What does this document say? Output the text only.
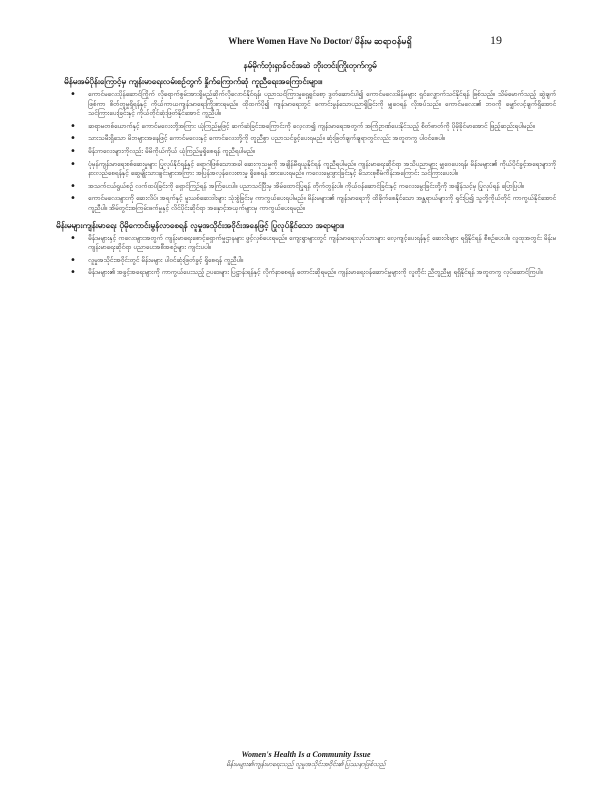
Where Women Have No Doctor/ မိန်းမ ဆရာဝန်မရှိ	19
နမ်မိုက်ဘုံးရှာခ်ငင်အဆဲ ဘိုးတင်းကြိုးတုက်ကွမ်
မိန်မအမ်ပိုန်းကြောင့်မှ ကျန်းမာရေးလမ်းစဉ်တွက် နှိုက်ကြောက်ဆုံ ကူညီရေးအကြောင်းများ။
• ကောင်မလေးပိုန်ဆောင်ကြိုက် လိုရောက်စွမ်းအားရှိမည်ဆိုက်လိုလောင်နိုင်ရန်၊ ပညာသင်ကြားမှုရှေ့ရှင်စော့ ဒွတ်ဆောင်ပါ၍ ကောင်မလေးမိန်မများ ရှင်လျှောက်သင်နိုင်ရန် ဖြစ်သည်။ သိမ်မောက်သည့် ဆွဲချက်ဖြစ်ကာ စိတ်တူမှုရှိရန်နှင့် ကိုယ်ကာယကျန်းမာရေးကြိုးစားရမည်။ ထိုထက်ပို၍ ကျန်းမာရေးတွင် ကောင်းမွန်သောပညာရှိခြင်းကို မျှဝေရန် လိုအပ်သည်။ ကောင်မလေး၏ ဘဝကို မျှော်လင့်ချက်ရှိအောင် သင်ကြားပေးခြင်းနှင့် ကိုယ်တိုင်ဆုံးဖြတ်နိုင်အောင် ကူညီပါ။
• ဆရာမတစ်ယောက်နှင့် ကောင်မလေးတို့အကြား ယုံကြည်မှုဖြင့် ဆက်ဆံခြင်းအကြောင်းကို လေ့လာ၍ ကျန်းမာရေးအတွက် အကြံဥာဏ်ပေးနိုင်သည့် စိတ်ဓာတ်ကို ပိုမိုခိုင်မာအောင် ဖြည့်ဆည်းရပါမည်။
• သားသမီးရှိသော မိဘများအနေဖြင့် ကောင်မလေးနှင့် ကောင်လေးတို့ကို တူညီစွာ ပညာသင်ခွင့်ပေးရမည်။ ဆုံးဖြတ်ချက်ချရာတွင်လည်း အတူတကွ ပါဝင်စေပါ။
• မိန်းကလေးများကိုလည်း မိမိကိုယ်ကိုယ် ယုံကြည်မှုရှိစေရန် ကူညီရပါမည်။
• ပုံမှန်ကျန်းမာရေးစစ်ဆေးမှုများ ပြုလုပ်နိုင်ရန်နှင့် ရောဂါဖြစ်သောအခါ ဆေးကုသမှုကို အချိန်မီရယူနိုင်ရန် ကူညီရပါမည်။ ကျန်းမာရေးဆိုင်ရာ အသိပညာများ မျှဝေပေးရန်၊ မိန်းမများ၏ ကိုယ်ပိုင်ခွင့်အရေးများကို နားလည်စေရန်နှင့် ဆွေမျိုးသားချင်းများအကြား အပြန်အလှန်လေးစားမှု ရှိစေရန် အားပေးရမည်။ ကလေးမွေးဖွားခြင်းနှင့် မိသားစုစီမံကိန်းအကြောင်း သင်ကြားပေးပါ။
• အသက်ငယ်ရွယ်စဉ် လက်ထပ်ခြင်းကို ရှောင်ကြဉ်ရန် အကြံပေးပါ။ ပညာသင်ပြီးမှ အိမ်ထောင်ပြုရန် တိုက်တွန်းပါ။ ကိုယ်ဝန်ဆောင်ခြင်းနှင့် ကလေးမွေးခြင်းတို့ကို အချိန်သင့်မှ ပြုလုပ်ရန် ပြောပြပါ။
• ကောင်မလေးများကို ဆေးလိပ်၊ အရက်နှင့် မူးယစ်ဆေးဝါးများ သုံးစွဲခြင်းမှ ကာကွယ်ပေးရပါမည်။ မိန်းမများ၏ ကျန်းမာရေးကို ထိခိုက်စေနိုင်သော အန္တရာယ်များကို ရှင်းပြ၍ သူတို့ကိုယ်တိုင် ကာကွယ်နိုင်အောင် ကူညီပါ။ အိမ်တွင်းအကြမ်းဖက်မှုနှင့် လိင်ပိုင်းဆိုင်ရာ အနှောင့်အယှက်များမှ ကာကွယ်ပေးရမည်။
မိန်းမများကျန်းမာရေး ပိုမိုကောင်းမွန်လာစေရန် လူမှုအသိုင်းအဝိုင်းအနေဖြင့် ပြုလုပ်နိုင်သော အရာများ။
• မိန်းမများနှင့် ကလေးများအတွက် ကျန်းမာရေးစောင့်ရှောက်မှုဌာနများ ဖွင့်လှစ်ပေးရမည်။ ကျေးရွာများတွင် ကျန်းမာရေးလုပ်သားများ လေ့ကျင့်ပေးရန်နှင့် ဆေးဝါးများ ရရှိနိုင်ရန် စီစဉ်ပေးပါ။ လူထုအတွင်း မိန်းမကျန်းမာရေးဆိုင်ရာ ပညာပေးအစီအစဉ်များ ကျင်းပပါ။
• လူမှုအသိုင်းအဝိုင်းတွင် မိန်းမများ ပါဝင်ဆုံးဖြတ်ခွင့် ရှိစေရန် ကူညီပါ။
• မိန်းမများ၏ အခွင့်အရေးများကို ကာကွယ်ပေးသည့် ဥပဒေများ ပြဋ္ဌာန်းရန်နှင့် လိုက်နာစေရန် တောင်းဆိုရမည်။ ကျန်းမာရေးဝန်ဆောင်မှုများကို လူတိုင်း ညီတူညီမျှ ရရှိနိုင်ရန် အတူတကွ လုပ်ဆောင်ကြပါ။
Women's Health Is a Community Issue
မိန်းမများ၏ကျန်းမာရေးသည် လူမှုအသိုင်းအဝိုင်း၏ ပြဿနာဖြစ်သည်
